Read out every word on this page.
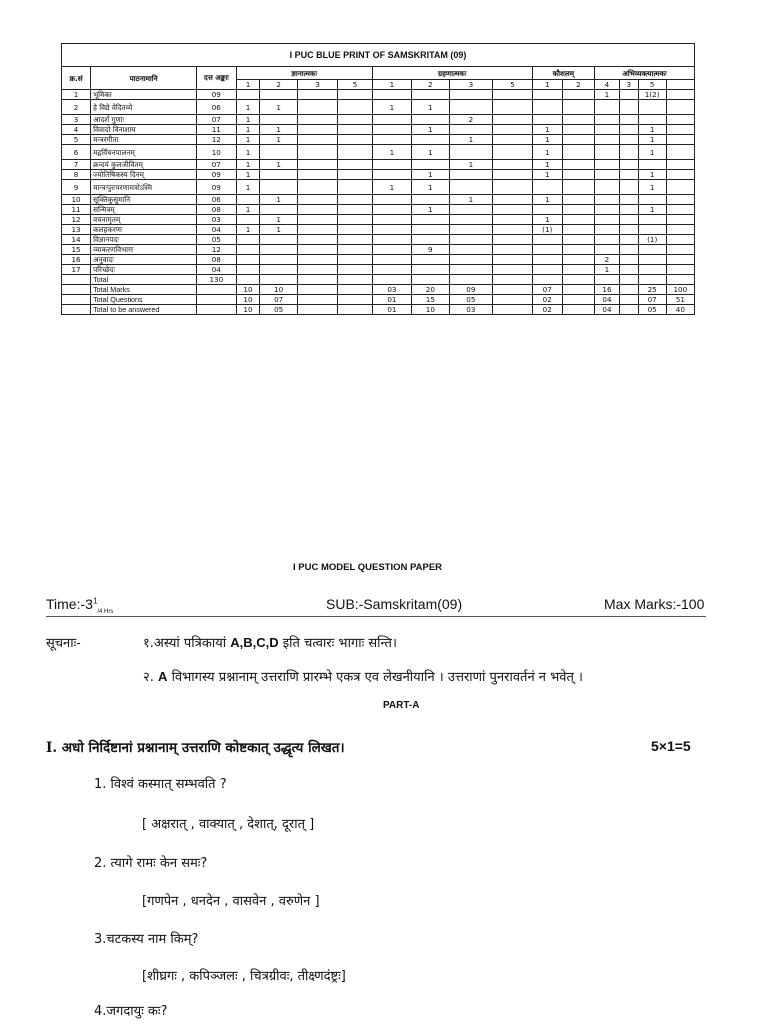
I PUC BLUE PRINT OF SAMSKRITAM (09)																
क्र.सं	पाठनामानि	दत्त अङ्काः	ज्ञानात्मकः				ग्रहणात्मकः				कौशलम्		अभिव्यक्त्यात्मकः			
			1	2	3	5	1	2	3	5	1	2	4	3	5	
1	भूमिका	09											1		1(2)	
2	हे विद्ये वेदितव्ये	06	1	1			1	1								
3	आदर्शं गुणाः	07	1						2							
4	विवादो विनाशाय	11	1	1				1			1				1	
5	मन्त्ररगीता	12	1	1					1		1				1	
6	मद्गर्विचनपालनम्	10	1				1	1			1				1	
7	क्रन्दयं कुलजीवितम्	07	1	1					1		1					
8	ज्योतिषिकस्य दिनम्	09	1					1			1				1	
9	मान्त्रःपुरःपरणामत्रोऽस्मि	09	1				1	1							1	
10	सूक्तिकुसुमानि	06		1					1		1					
11	सन्मित्रम्	08	1					1							1	
12	वचनामृतम्	03		1							1					
13	कलहकरणः	04	1	1							(1)					
14	विज्ञानपदः	05													(1)	
15	व्याकरणविभागः	12						9								
16	अनुवादः	08											2			
17	परिच्छेदः	04											1			
	Total	130														
	Total Marks		10	10			03	20	09		07		16		25	100
	Total Questions		10	07			01	15	05		02		04		07	51
	Total to be answered		10	05			01	10	03		02		04		05	40
I PUC MODEL QUESTION PAPER
$Time:-3^1_{/4 Hrs}$	SUB:-Samskritam(09)	Max Marks:-100
सूचनाः-	१.अस्यां पत्रिकायां A,B,C,D इति चत्वारः भागाः सन्ति।
२. A विभागस्य प्रश्नानाम् उत्तराणि प्रारम्भे एकत्र एव लेखनीयानि । उत्तराणां पुनरावर्तनं न भवेत् ।
PART-A
I. अधो निर्दिष्टानां प्रश्नानाम् उत्तराणि कोष्टकात् उद्धृत्य लिखत।	5×1=5
1. विश्वं कस्मात् सम्भवति ?
[ अक्षरात् , वाक्यात् , देशात्, दूरात् ]
2. त्यागे रामः केन समः?
[गणपेन , धनदेन , वासवेन , वरुणेन ]
3.चटकस्य नाम किम्?
[शीघ्रगः , कपिञ्जलः , चित्रग्रीवः, तीक्ष्णदंष्ट्रः]
4.जगदायुः कः?
